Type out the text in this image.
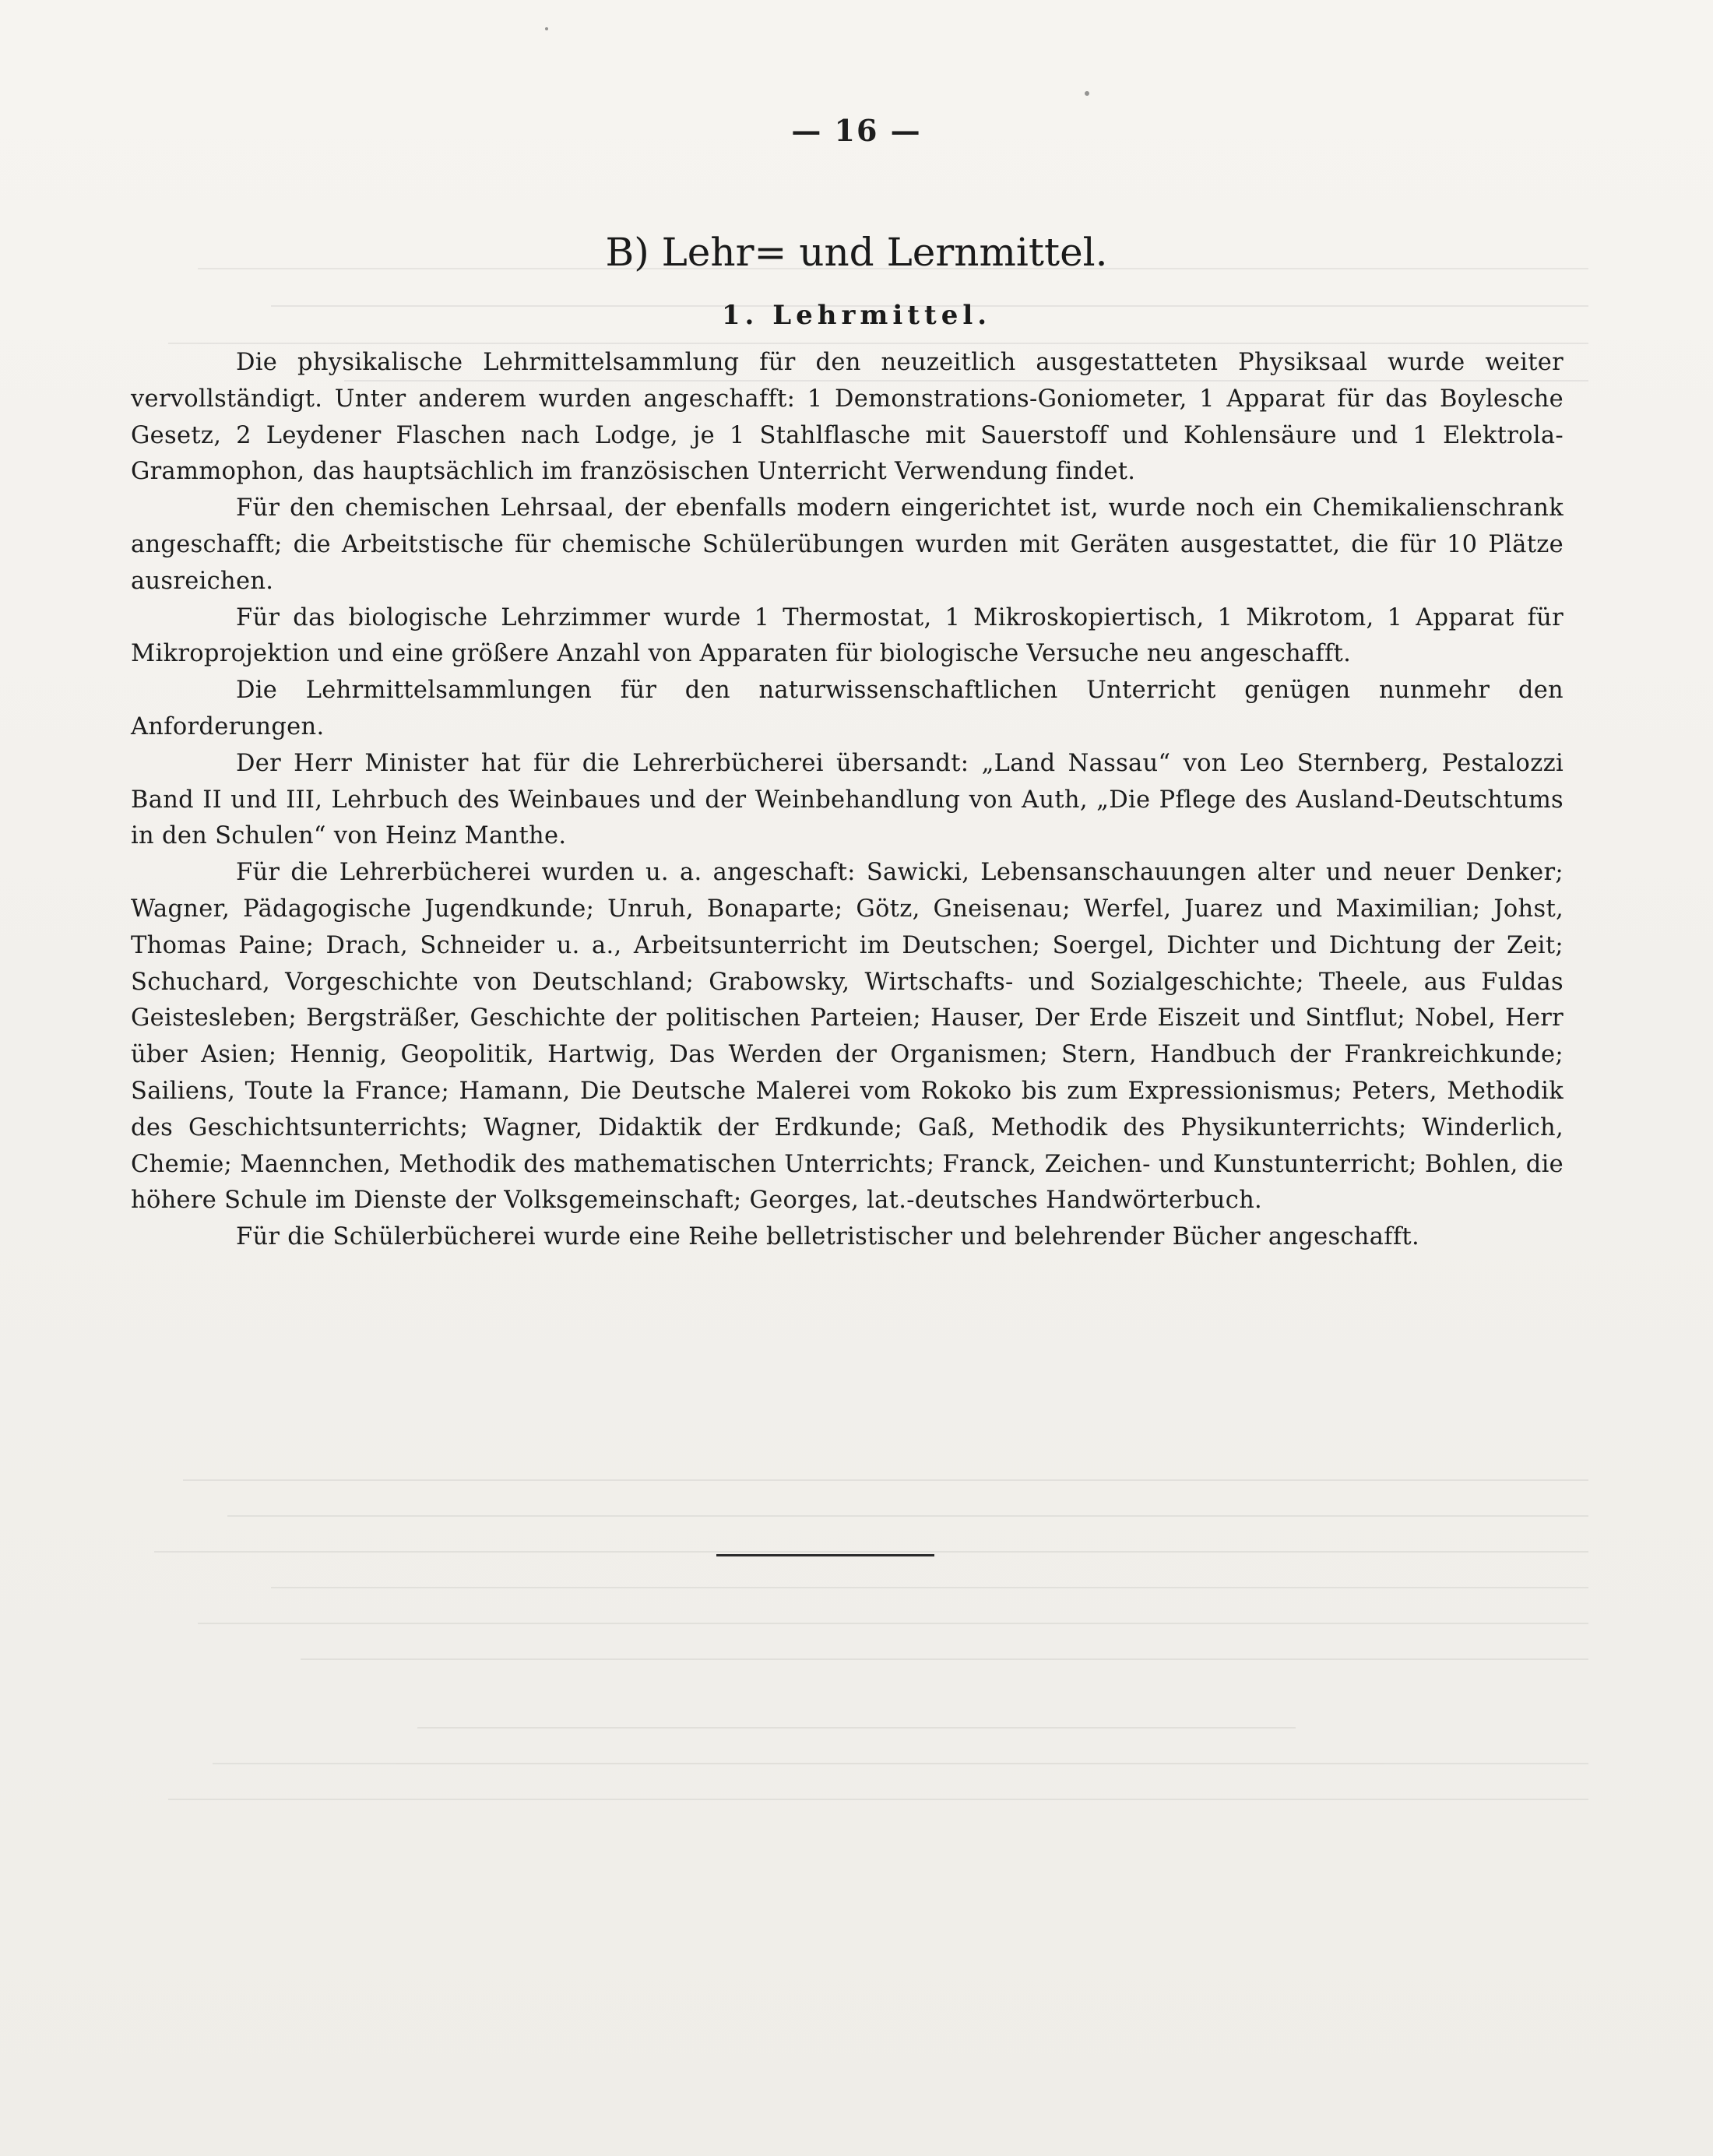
— 16 —
B) Lehr= und Lernmittel.
1. Lehrmittel.

Die physikalische Lehrmittelsammlung für den neuzeitlich ausgestatteten Physiksaal wurde weiter vervollständigt. Unter anderem wurden angeschafft: 1 Demonstrations-Goniometer, 1 Apparat für das Boylesche Gesetz, 2 Leydener Flaschen nach Lodge, je 1 Stahlflasche mit Sauerstoff und Kohlensäure und 1 Elektrola-Grammophon, das hauptsächlich im französischen Unterricht Verwendung findet.

Für den chemischen Lehrsaal, der ebenfalls modern eingerichtet ist, wurde noch ein Chemikalienschrank angeschafft; die Arbeitstische für chemische Schülerübungen wurden mit Geräten ausgestattet, die für 10 Plätze ausreichen.

Für das biologische Lehrzimmer wurde 1 Thermostat, 1 Mikroskopiertisch, 1 Mikrotom, 1 Apparat für Mikroprojektion und eine größere Anzahl von Apparaten für biologische Versuche neu angeschafft.

Die Lehrmittelsammlungen für den naturwissenschaftlichen Unterricht genügen nunmehr den Anforderungen.

Der Herr Minister hat für die Lehrerbücherei übersandt: „Land Nassau“ von Leo Sternberg, Pestalozzi Band II und III, Lehrbuch des Weinbaues und der Weinbehandlung von Auth, „Die Pflege des Ausland-Deutschtums in den Schulen“ von Heinz Manthe.

Für die Lehrerbücherei wurden u. a. angeschaft: Sawicki, Lebensanschauungen alter und neuer Denker; Wagner, Pädagogische Jugendkunde; Unruh, Bonaparte; Götz, Gneisenau; Werfel, Juarez und Maximilian; Johst, Thomas Paine; Drach, Schneider u. a., Arbeitsunterricht im Deutschen; Soergel, Dichter und Dichtung der Zeit; Schuchard, Vorgeschichte von Deutschland; Grabowsky, Wirtschafts- und Sozialgeschichte; Theele, aus Fuldas Geistesleben; Bergsträßer, Geschichte der politischen Parteien; Hauser, Der Erde Eiszeit und Sintflut; Nobel, Herr über Asien; Hennig, Geopolitik, Hartwig, Das Werden der Organismen; Stern, Handbuch der Frankreichkunde; Sailiens, Toute la France; Hamann, Die Deutsche Malerei vom Rokoko bis zum Expressionismus; Peters, Methodik des Geschichtsunterrichts; Wagner, Didaktik der Erdkunde; Gaß, Methodik des Physikunterrichts; Winderlich, Chemie; Maennchen, Methodik des mathematischen Unterrichts; Franck, Zeichen- und Kunstunterricht; Bohlen, die höhere Schule im Dienste der Volksgemeinschaft; Georges, lat.-deutsches Handwörterbuch.

Für die Schülerbücherei wurde eine Reihe belletristischer und belehrender Bücher angeschafft.
